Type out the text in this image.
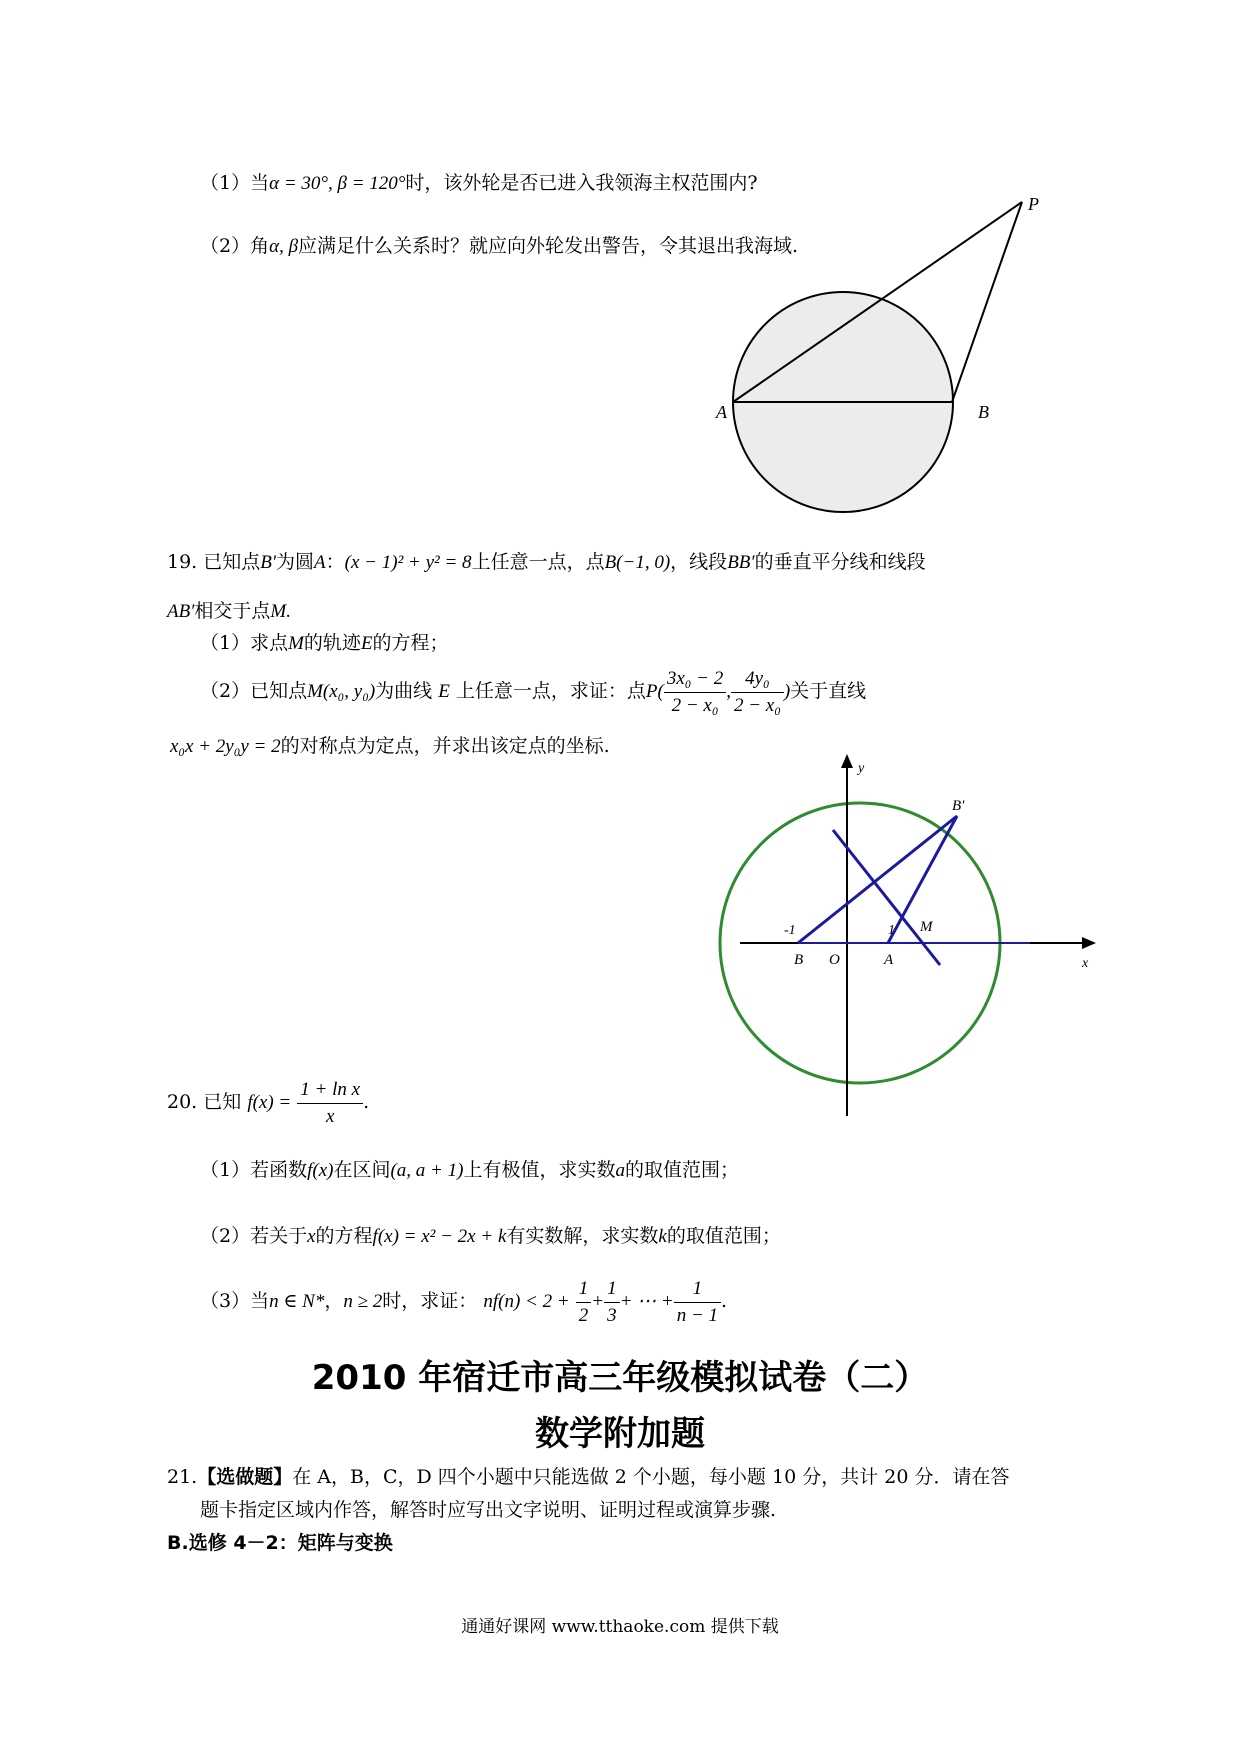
（1）当α = 30°, β = 120°时，该外轮是否已进入我领海主权范围内?
（2）角α, β应满足什么关系时？就应向外轮发出警告，令其退出我海域.
P
A	B
19. 已知点B′为圆A：(x − 1)² + y² = 8上任意一点，点B(−1, 0)，线段BB′的垂直平分线和线段
AB′相交于点M.
（1）求点M的轨迹E的方程；
（2）已知点M(x₀, y₀)为曲线 E 上任意一点，求证：点$P( \frac{\text{3x₀ − 2}}{\text{2 − x₀}}$ , $\frac{\text{4y₀}}{\text{2 − x₀}}$ )关于直线
x₀x + 2y₀y = 2的对称点为定点，并求出该定点的坐标.
y
x
B′
M
1
-1
B O	A
20. 已知 $f(x) = \frac{\text{1 + ln x}}{x}$ .
（1）若函数f(x)在区间(a, a + 1)上有极值，求实数a的取值范围；
（2）若关于x的方程f(x) = x² − 2x + k有实数解，求实数k的取值范围；
（3）当n ∈ N*，n ≥ 2时，求证： $nf(n) < 2 + \frac{1}{2} + \frac{1}{3}$ + ⋯ + $\frac{1}{n - 1}$ .
2010 年宿迁市高三年级模拟试卷（二）
数学附加题
21.【选做题】在 A，B，C，D 四个小题中只能选做 2 个小题，每小题 10 分，共计 20 分．请在答
题卡指定区域内作答，解答时应写出文字说明、证明过程或演算步骤.
B.选修 4－2：矩阵与变换
通通好课网 www.tthaoke.com 提供下载
